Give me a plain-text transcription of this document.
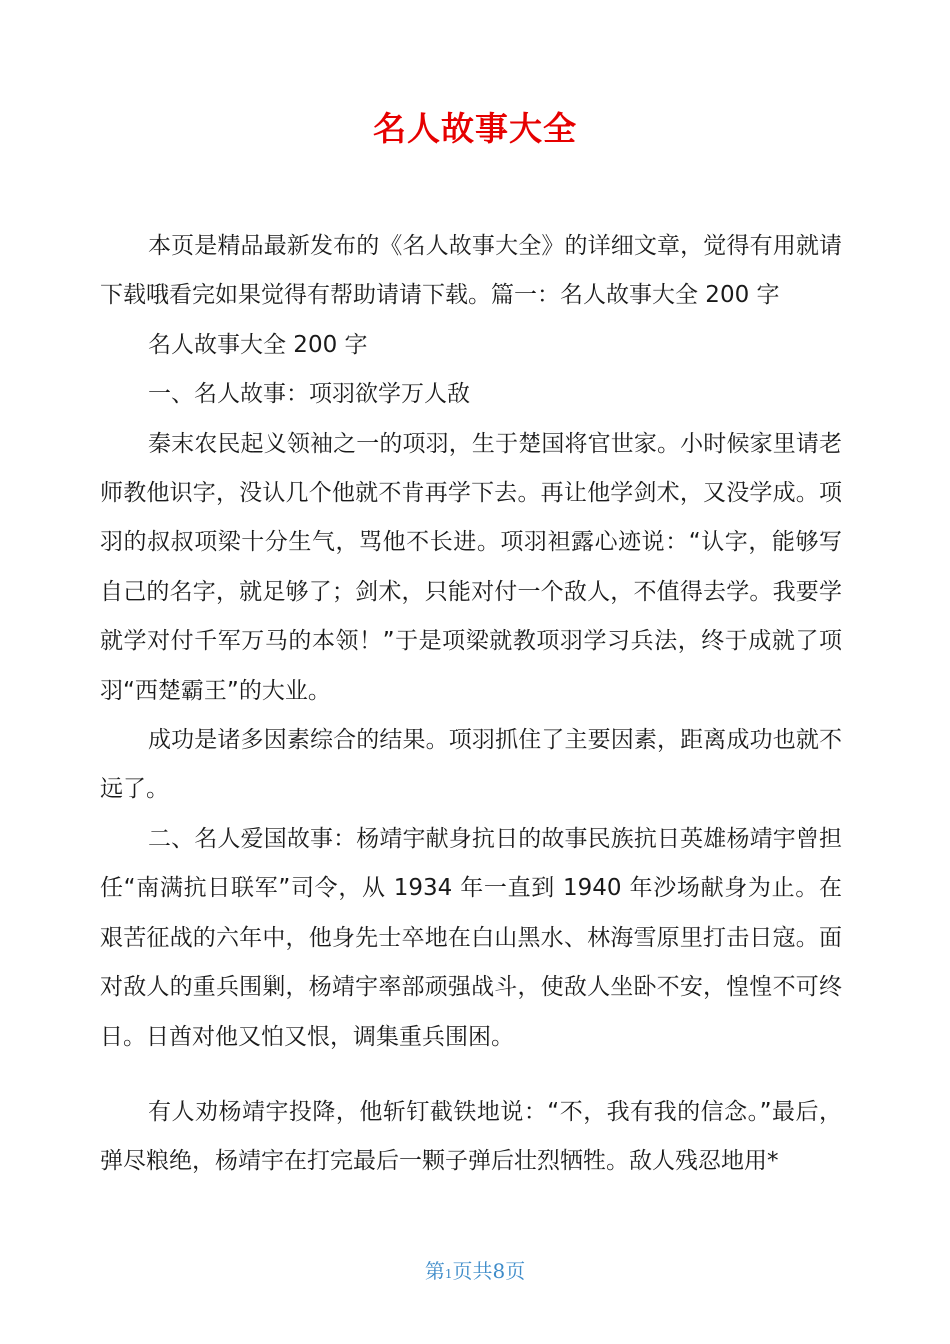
名人故事大全

本页是精品最新发布的《名人故事大全》的详细文章，觉得有用就请下载哦看完如果觉得有帮助请请下载。篇一：名人故事大全 200 字

名人故事大全 200 字

一、名人故事：项羽欲学万人敌

秦末农民起义领袖之一的项羽，生于楚国将官世家。小时候家里请老师教他识字，没认几个他就不肯再学下去。再让他学剑术，又没学成。项羽的叔叔项梁十分生气，骂他不长进。项羽袒露心迹说：“认字，能够写自己的名字，就足够了；剑术，只能对付一个敌人，不值得去学。我要学就学对付千军万马的本领！”于是项梁就教项羽学习兵法，终于成就了项羽“西楚霸王”的大业。

成功是诸多因素综合的结果。项羽抓住了主要因素，距离成功也就不远了。

二、名人爱国故事：杨靖宇献身抗日的故事民族抗日英雄杨靖宇曾担任“南满抗日联军”司令，从 1934 年一直到 1940 年沙场献身为止。在艰苦征战的六年中，他身先士卒地在白山黑水、林海雪原里打击日寇。面对敌人的重兵围剿，杨靖宇率部顽强战斗，使敌人坐卧不安，惶惶不可终日。日酋对他又怕又恨，调集重兵围困。

有人劝杨靖宇投降，他斩钉截铁地说：“不，我有我的信念。”最后，弹尽粮绝，杨靖宇在打完最后一颗子弹后壮烈牺牲。敌人残忍地用*

第1页共8页
